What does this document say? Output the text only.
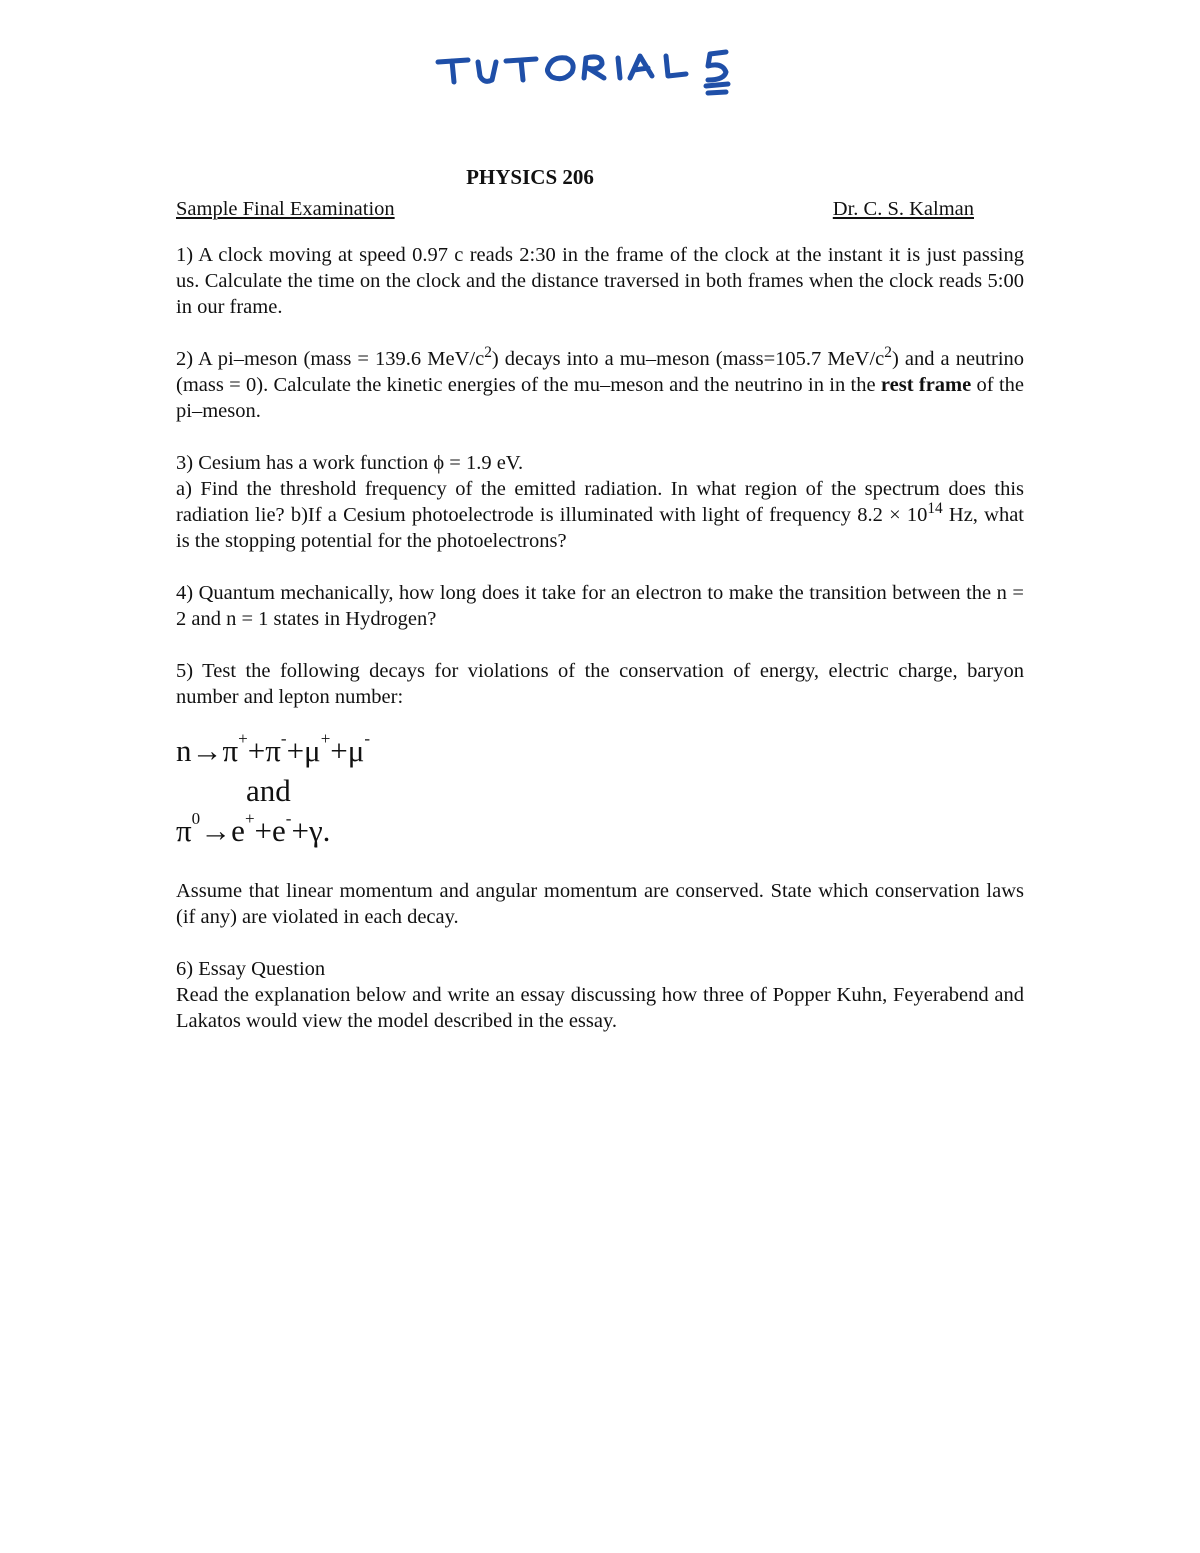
PHYSICS 206
Sample Final Examination	Dr. C. S. Kalman
1) A clock moving at speed 0.97 c reads 2:30 in the frame of the clock at the instant it is just passing us. Calculate the time on the clock and the distance traversed in both frames when the clock reads 5:00 in our frame.
2) A pi–meson (mass = 139.6 MeV/$c^2$) decays into a mu–meson (mass=105.7 MeV/$c^2$) and a neutrino (mass = 0). Calculate the kinetic energies of the mu–meson and the neutrino in in the rest frame of the pi–meson.

3) Cesium has a work function ϕ = 1.9 eV.

a) Find the threshold frequency of the emitted radiation. In what region of the spectrum does this radiation lie? b)If a Cesium photoelectrode is illuminated with light of frequency $8.2 \times 10^{14}$ Hz, what is the stopping potential for the photoelectrons?

4) Quantum mechanically, how long does it take for an electron to make the transition between the n = 2 and n = 1 states in Hydrogen?
5) Test the following decays for violations of the conservation of energy, electric charge, baryon number and lepton number:
n→π++π-+μ++μ-
and
$\pi^0\to e^++e^-+\gamma$.
Assume that linear momentum and angular momentum are conserved. State which conservation laws (if any) are violated in each decay.

6) Essay Question

Read the explanation below and write an essay discussing how three of Popper Kuhn, Feyerabend and Lakatos would view the model described in the essay.
